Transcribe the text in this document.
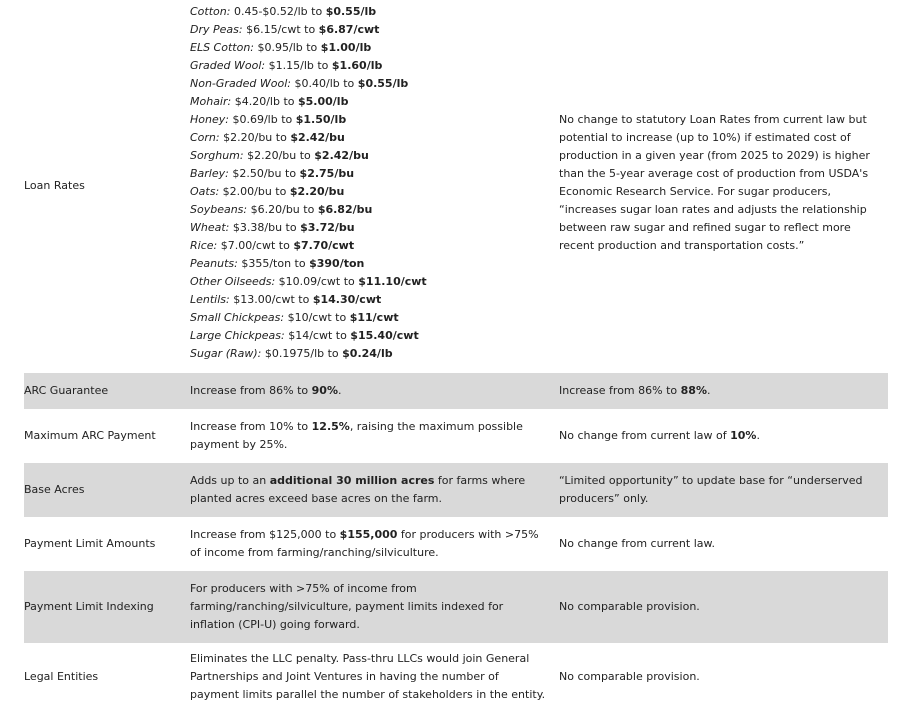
Loan Rates
Cotton: 0.45-$0.52/lb to $0.55/lb
Dry Peas: $6.15/cwt to $6.87/cwt
ELS Cotton: $0.95/lb to $1.00/lb
Graded Wool: $1.15/lb to $1.60/lb
Non-Graded Wool: $0.40/lb to $0.55/lb
Mohair: $4.20/lb to $5.00/lb
Honey: $0.69/lb to $1.50/lb
Corn: $2.20/bu to $2.42/bu
Sorghum: $2.20/bu to $2.42/bu
Barley: $2.50/bu to $2.75/bu
Oats: $2.00/bu to $2.20/bu
Soybeans: $6.20/bu to $6.82/bu
Wheat: $3.38/bu to $3.72/bu
Rice: $7.00/cwt to $7.70/cwt
Peanuts: $355/ton to $390/ton
Other Oilseeds: $10.09/cwt to $11.10/cwt
Lentils: $13.00/cwt to $14.30/cwt
Small Chickpeas: $10/cwt to $11/cwt
Large Chickpeas: $14/cwt to $15.40/cwt
Sugar (Raw): $0.1975/lb to $0.24/lb
No change to statutory Loan Rates from current law but potential to increase (up to 10%) if estimated cost of production in a given year (from 2025 to 2029) is higher than the 5-year average cost of production from USDA's Economic Research Service. For sugar producers, “increases sugar loan rates and adjusts the relationship between raw sugar and refined sugar to reflect more recent production and transportation costs.”
ARC Guarantee	Increase from 86% to 90%.	Increase from 86% to 88%.
Maximum ARC Payment
Increase from 10% to 12.5%, raising the maximum possible payment by 25%.
No change from current law of 10%.
Base Acres
Adds up to an additional 30 million acres for farms where planted acres exceed base acres on the farm.
“Limited opportunity” to update base for “underserved producers” only.
Payment Limit Amounts
Increase from $125,000 to $155,000 for producers with >75% of income from farming/ranching/silviculture.
No change from current law.
Payment Limit Indexing
For producers with >75% of income from farming/ranching/silviculture, payment limits indexed for inflation (CPI-U) going forward.
No comparable provision.
Legal Entities
Eliminates the LLC penalty. Pass-thru LLCs would join General Partnerships and Joint Ventures in having the number of payment limits parallel the number of stakeholders in the entity.
No comparable provision.
